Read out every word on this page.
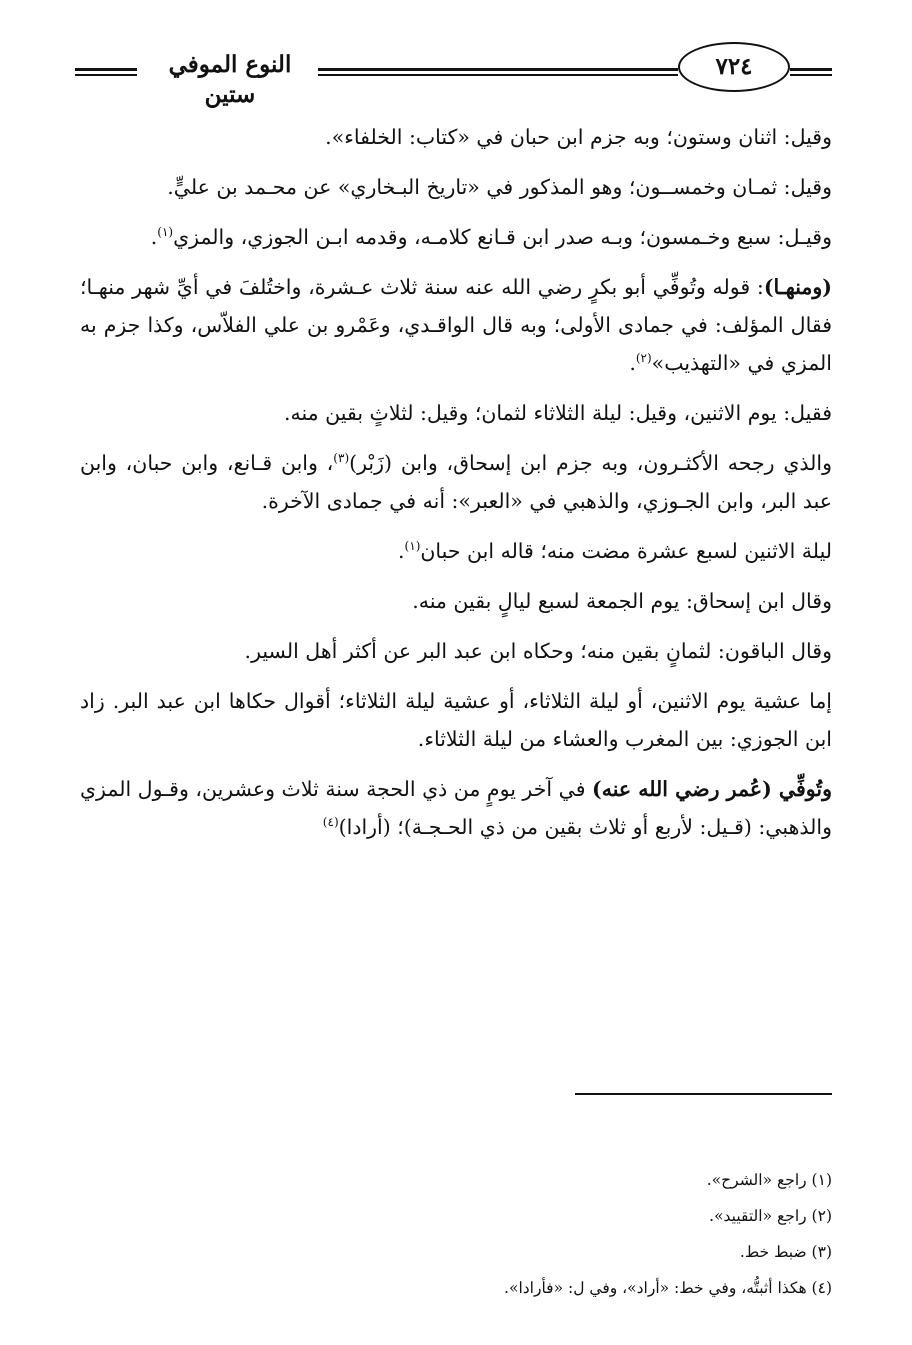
النوع الموفي ستين
٧٢٤

وقيل: اثنان وستون؛ وبه جزم ابن حبان في «كتاب: الخلفاء».

وقيل: ثمـان وخمســون؛ وهو المذكور في «تاريخ البـخاري» عن محـمد بن عليٍّ.

وقيـل: سبع وخـمسون؛ وبـه صدر ابن قـانع كلامـه، وقدمه ابـن الجوزي، والمزي$^{(١)}$.

(ومنهـا): قوله وتُوفِّي أبو بكرٍ رضي الله عنه سنة ثلاث عـشرة، واختُلفَ في أيِّ شهر منهـا؛ فقال المؤلف: في جمادى الأولى؛ وبه قال الواقـدي، وعَمْرو بن علي الفلاّس، وكذا جزم به المزي في «التهذيب»$^{(٢)}$.

فقيل: يوم الاثنين، وقيل: ليلة الثلاثاء لثمان؛ وقيل: لثلاثٍ بقين منه.

والذي رجحه الأكثـرون، وبه جزم ابن إسحاق، وابن (زَبْر)$^{(٣)}$، وابن قـانع، وابن حبان، وابن عبد البر، وابن الجـوزي، والذهبي في «العبر»: أنه في جمادى الآخرة.

ليلة الاثنين لسبع عشرة مضت منه؛ قاله ابن حبان$^{(١)}$.

وقال ابن إسحاق: يوم الجمعة لسبع ليالٍ بقين منه.

وقال الباقون: لثمانٍ بقين منه؛ وحكاه ابن عبد البر عن أكثر أهل السير.

إما عشية يوم الاثنين، أو ليلة الثلاثاء، أو عشية ليلة الثلاثاء؛ أقوال حكاها ابن عبد البر. زاد ابن الجوزي: بين المغرب والعشاء من ليلة الثلاثاء.

وتُوفِّي (عُمر رضي الله عنه) في آخر يومٍ من ذي الحجة سنة ثلاث وعشرين، وقـول المزي والذهبي: (قـيل: لأربع أو ثلاث بقين من ذي الحـجـة)؛ (أرادا)$^{(٤)}$

(١) راجع «الشرح».

(٢) راجع «التقييد».

(٣) ضبط خط.

(٤) هكذا أثبتُّه، وفي خط: «أراد»، وفي ل: «فأرادا».
